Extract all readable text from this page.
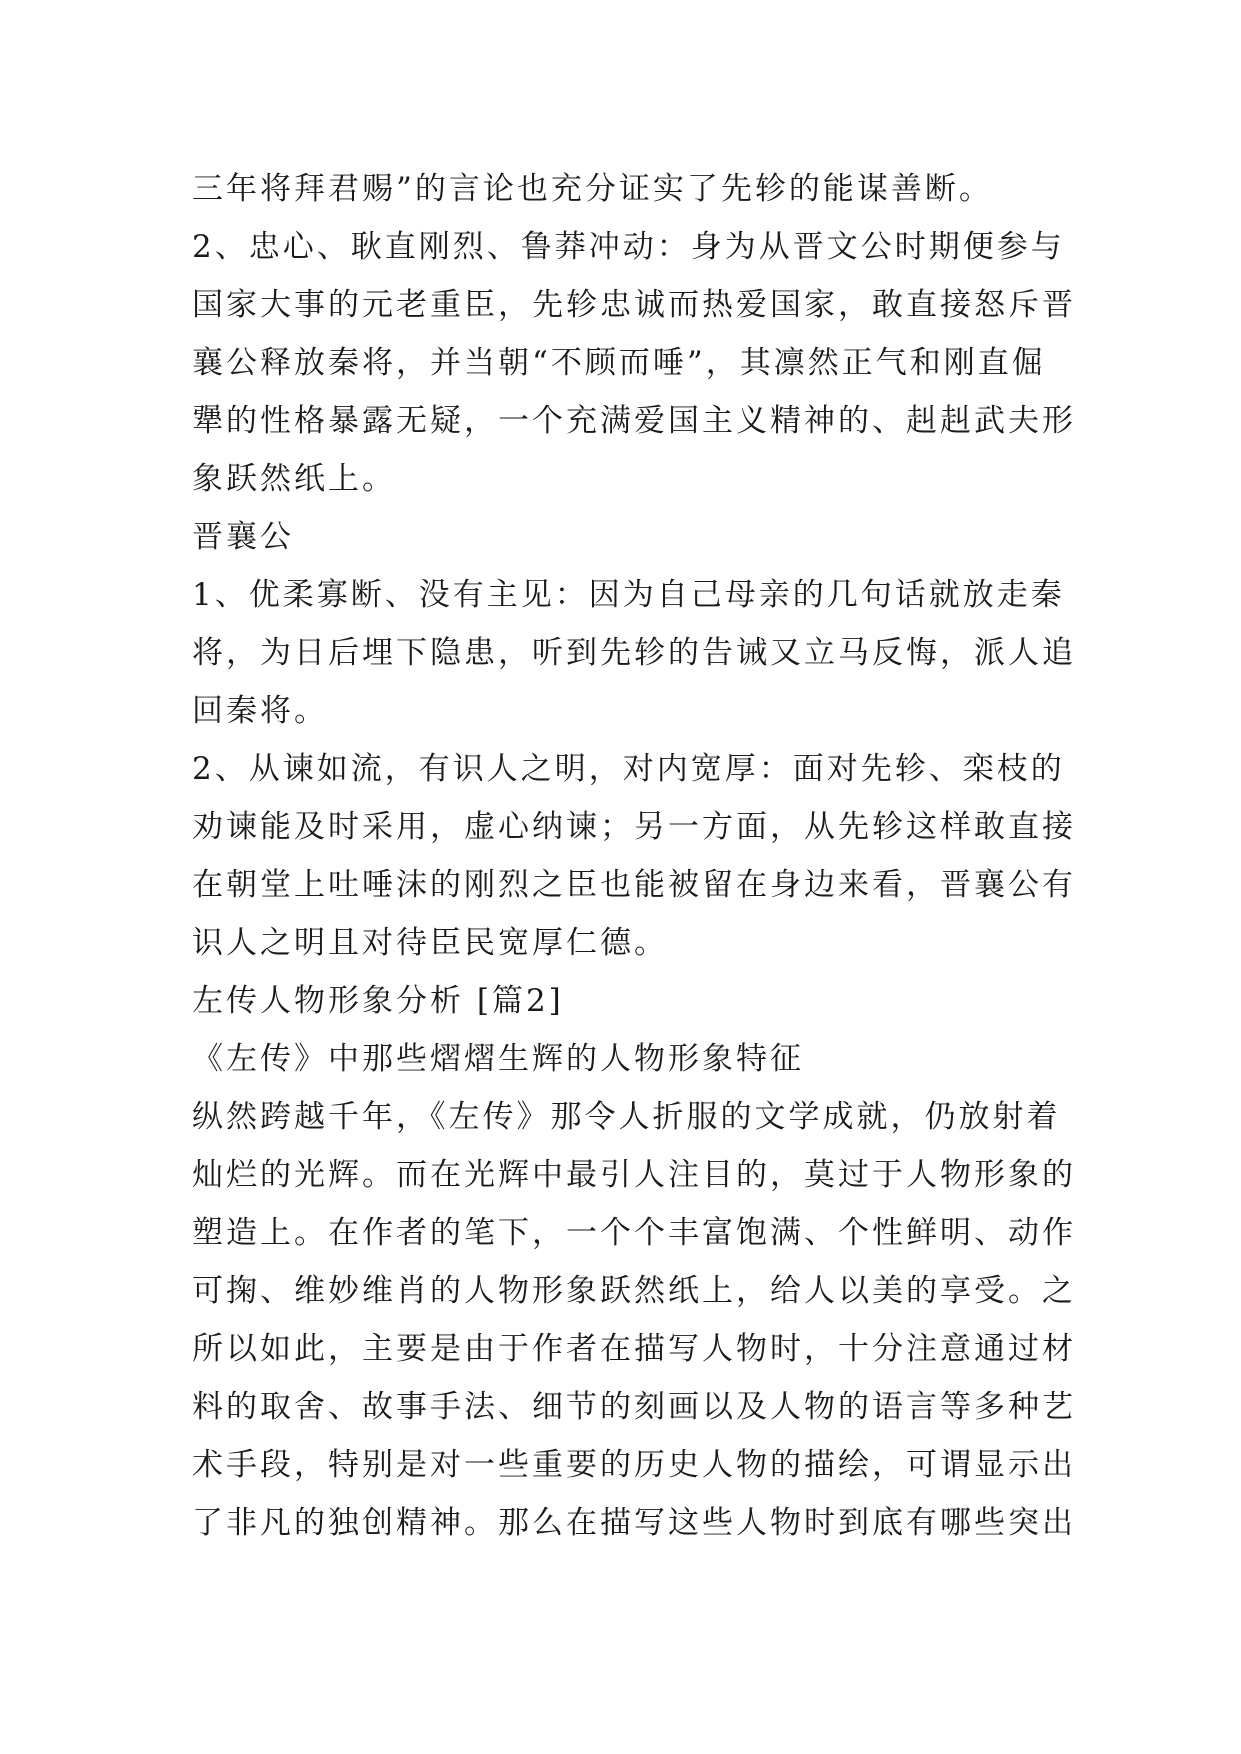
三年将拜君赐”的言论也充分证实了先轸的能谋善断。
2、忠心、耿直刚烈、鲁莽冲动：身为从晋文公时期便参与
国家大事的元老重臣，先轸忠诚而热爱国家，敢直接怒斥晋
襄公释放秦将，并当朝“不顾而唾”，其凛然正气和刚直倔
犟的性格暴露无疑，一个充满爱国主义精神的、赳赳武夫形
象跃然纸上。
晋襄公
1、优柔寡断、没有主见：因为自己母亲的几句话就放走秦
将，为日后埋下隐患，听到先轸的告诫又立马反悔，派人追
回秦将。
2、从谏如流，有识人之明，对内宽厚：面对先轸、栾枝的
劝谏能及时采用，虚心纳谏；另一方面，从先轸这样敢直接
在朝堂上吐唾沫的刚烈之臣也能被留在身边来看，晋襄公有
识人之明且对待臣民宽厚仁德。
左传人物形象分析 [篇2]
《左传》中那些熠熠生辉的人物形象特征
纵然跨越千年，《左传》那令人折服的文学成就，仍放射着
灿烂的光辉。而在光辉中最引人注目的，莫过于人物形象的
塑造上。在作者的笔下，一个个丰富饱满、个性鲜明、动作
可掬、维妙维肖的人物形象跃然纸上，给人以美的享受。之
所以如此，主要是由于作者在描写人物时，十分注意通过材
料的取舍、故事手法、细节的刻画以及人物的语言等多种艺
术手段，特别是对一些重要的历史人物的描绘，可谓显示出
了非凡的独创精神。那么在描写这些人物时到底有哪些突出
